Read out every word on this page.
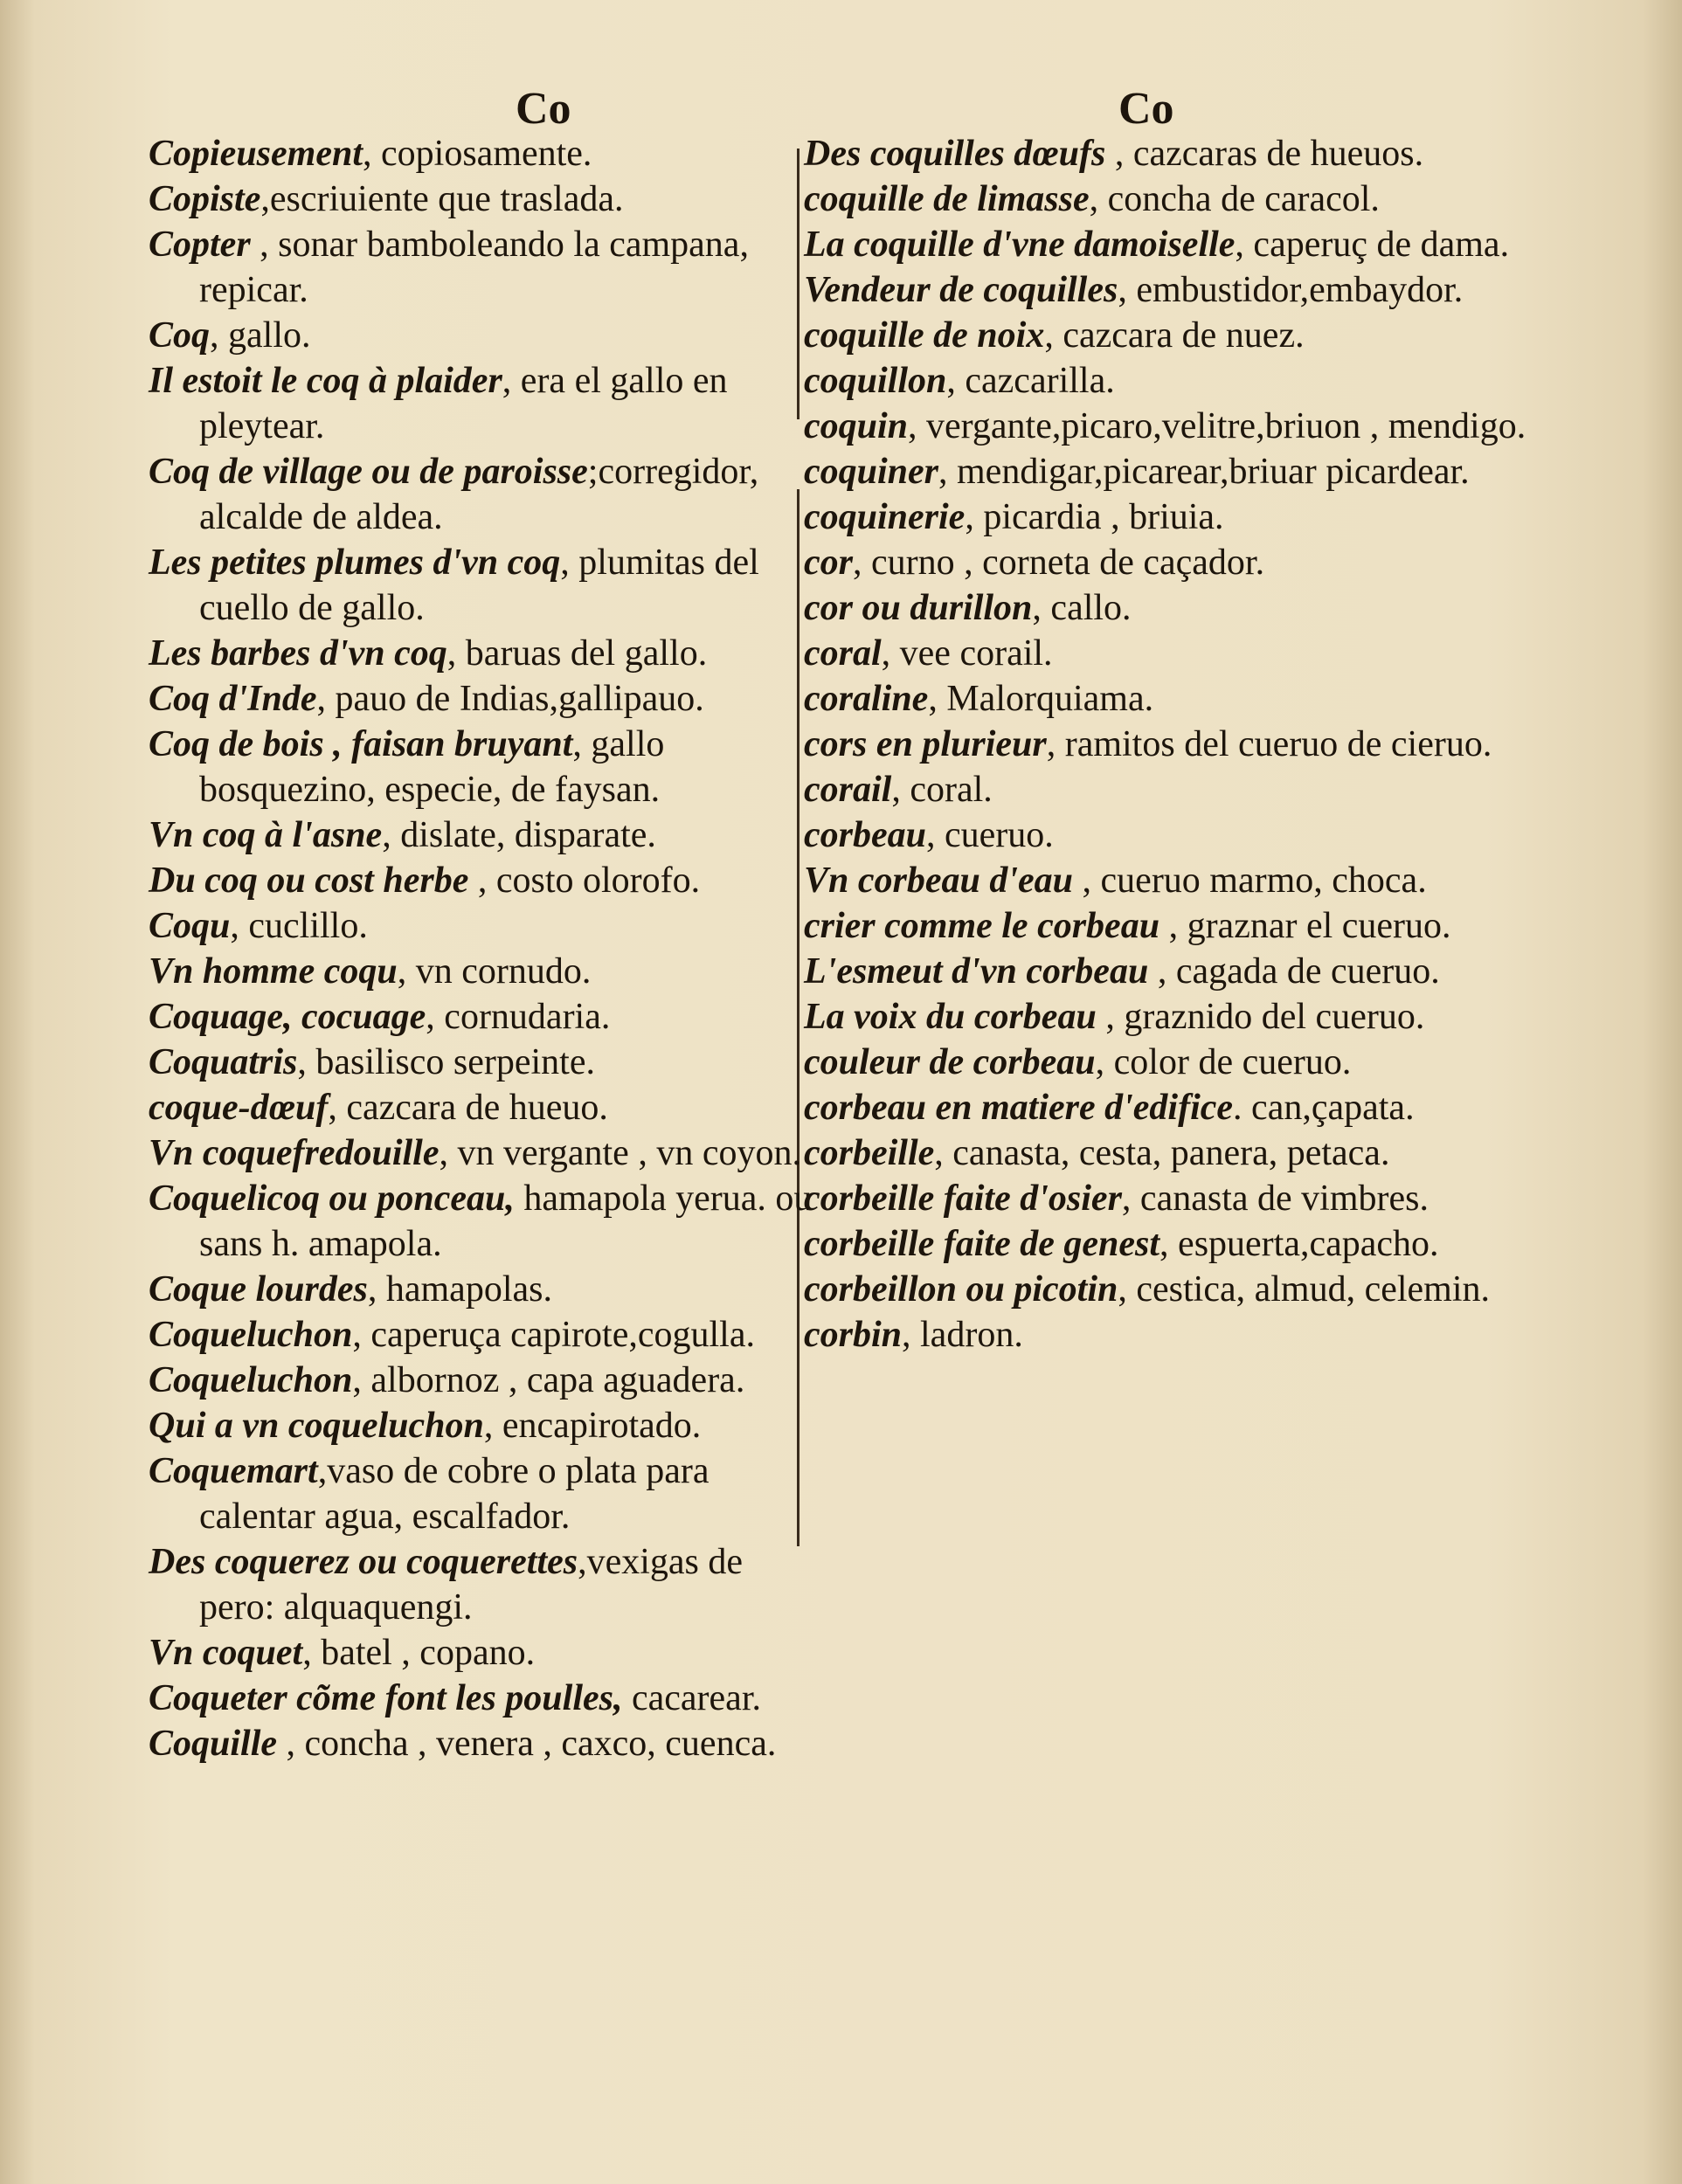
Co	Co

Copieusement, copiosamente.

Copiste,escriuiente que traslada.

Copter , sonar bamboleando la campana, repicar.

Coq, gallo.

Il estoit le coq à plaider, era el gallo en pleytear.

Coq de village ou de paroisse;corregidor, alcalde de aldea.

Les petites plumes d'vn coq, plumitas del cuello de gallo.

Les barbes d'vn coq, baruas del gallo.

Coq d'Inde, pauo de Indias,gallipauo.

Coq de bois , faisan bruyant, gallo bosquezino, especie, de faysan.

Vn coq à l'asne, dislate, disparate.

Du coq ou cost herbe , costo olorofo.

Coqu, cuclillo.

Vn homme coqu, vn cornudo.

Coquage, cocuage, cornudaria.

Coquatris, basilisco serpeinte.

coque-dœuf, cazcara de hueuo.

Vn coquefredouille, vn vergante , vn coyon.

Coquelicoq ou ponceau, hamapola yerua. ou sans h. amapola.

Coque lourdes, hamapolas.

Coqueluchon, caperuça capirote,cogulla.

Coqueluchon, albornoz , capa aguadera.

Qui a vn coqueluchon, encapirotado.

Coquemart,vaso de cobre o plata para calentar agua, escalfador.

Des coquerez ou coquerettes,vexigas de pero: alquaquengi.

Vn coquet, batel , copano.

Coqueter cõme font les poulles, cacarear.

Coquille , concha , venera , caxco, cuenca.

Des coquilles dœufs , cazcaras de hueuos.

coquille de limasse, concha de caracol.

La coquille d'vne damoiselle, caperuç de dama.

Vendeur de coquilles, embustidor,embaydor.

coquille de noix, cazcara de nuez.

coquillon, cazcarilla.

coquin, vergante,picaro,velitre,briuon , mendigo.

coquiner, mendigar,picarear,briuar picardear.

coquinerie, picardia , briuia.

cor, curno , corneta de caçador.

cor ou durillon, callo.

coral, vee corail.

coraline, Malorquiama.

cors en plurieur, ramitos del cueruo de cieruo.

corail, coral.

corbeau, cueruo.

Vn corbeau d'eau , cueruo marmo, choca.

crier comme le corbeau , graznar el cueruo.

L'esmeut d'vn corbeau , cagada de cueruo.

La voix du corbeau , graznido del cueruo.

couleur de corbeau, color de cueruo.

corbeau en matiere d'edifice. can,çapata.

corbeille, canasta, cesta, panera, petaca.

corbeille faite d'osier, canasta de vimbres.

corbeille faite de genest, espuerta,capacho.

corbeillon ou picotin, cestica, almud, celemin.

corbin, ladron.
